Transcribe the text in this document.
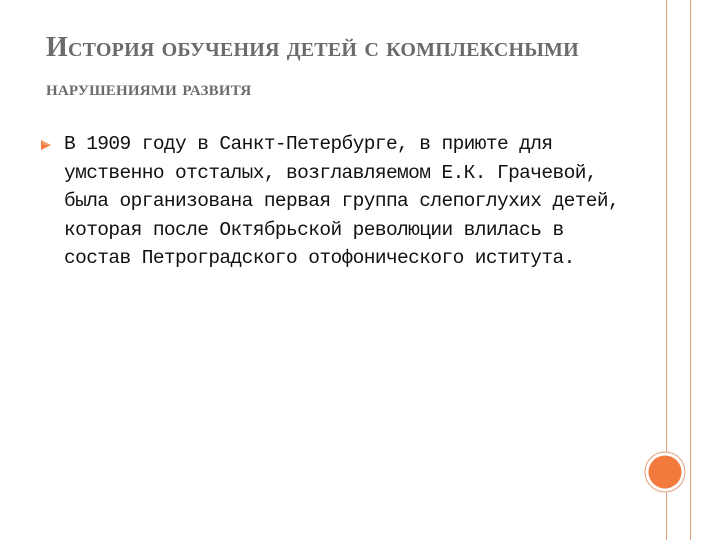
История обучения детей с комплексными
нарушениями развитя
В 1909 году в Санкт-Петербурге, в приюте для умственно отсталых, возглавляемом Е.К. Грачевой, была организована первая группа слепоглухих детей, которая после Октябрьской революции влилась в состав Петроградского отофонического иститута.
